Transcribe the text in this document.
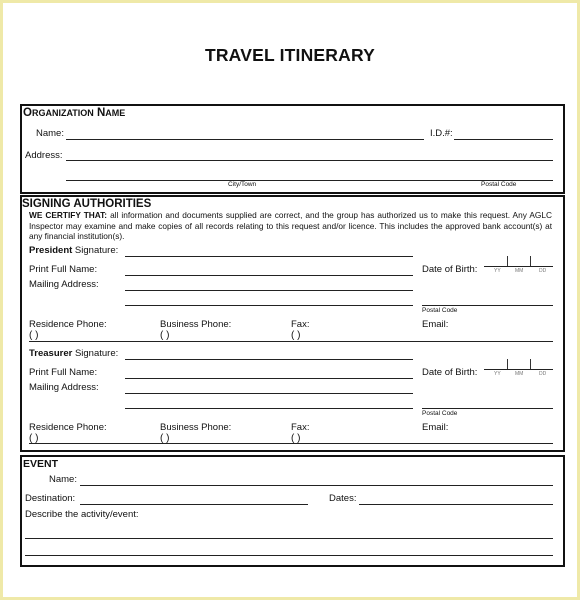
TRAVEL ITINERARY
ORGANIZATION NAME
Name:	I.D.#:
Address:
City/Town	Postal Code
SIGNING AUTHORITIES
WE CERTIFY THAT: all information and documents supplied are correct, and the group has authorized us to make this request. Any AGLC Inspector may examine and make copies of all records relating to this request and/or licence. This includes the approved bank account(s) at any financial institution(s).
President Signature:
Print Full Name:	Date of Birth:	YY	MM	DD
Mailing Address:
Postal Code
Residence Phone:	Business Phone:	Fax:	Email:
( )	( )	( )
Treasurer Signature:
Print Full Name:	Date of Birth:	YY	MM	DD
Mailing Address:
Postal Code
Residence Phone:	Business Phone:	Fax:	Email:
( )	( )	( )
EVENT
Name:
Destination:	Dates:
Describe the activity/event:
